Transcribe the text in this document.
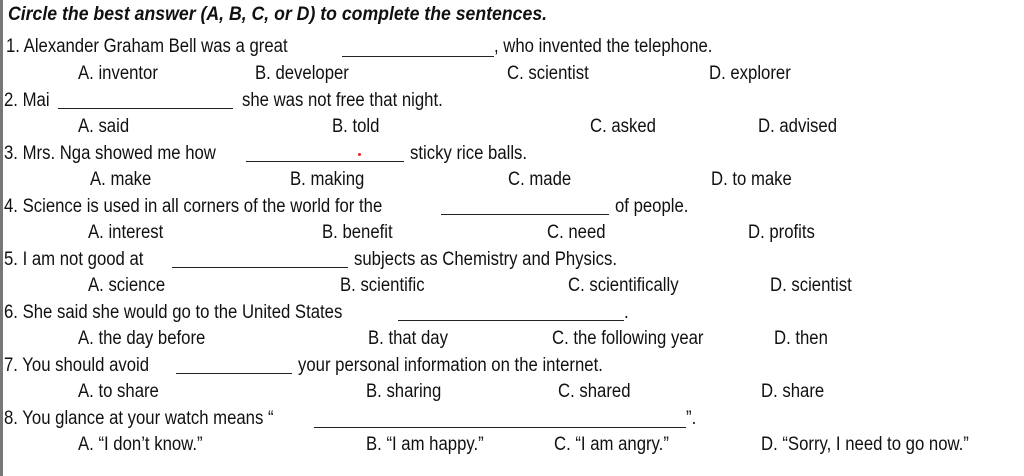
Circle the best answer (A, B, C, or D) to complete the sentences.
1. Alexander Graham Bell was a great	, who invented the telephone.
A. inventor	B. developer	C. scientist	D. explorer
2. Mai	she was not free that night.
A. said	B. told	C. asked	D. advised
3. Mrs. Nga showed me how	sticky rice balls.
A. make	B. making	C. made	D. to make
4. Science is used in all corners of the world for the	of people.
A. interest	B. benefit	C. need	D. profits
5. I am not good at	subjects as Chemistry and Physics.
A. science	B. scientific	C. scientifically	D. scientist
6. She said she would go to the United States	.
A. the day before	B. that day	C. the following year	D. then
7. You should avoid	your personal information on the internet.
A. to share	B. sharing	C. shared	D. share
8. You glance at your watch means “	”.
A. “I don’t know.”	B. “I am happy.”	C. “I am angry.”	D. “Sorry, I need to go now.”
